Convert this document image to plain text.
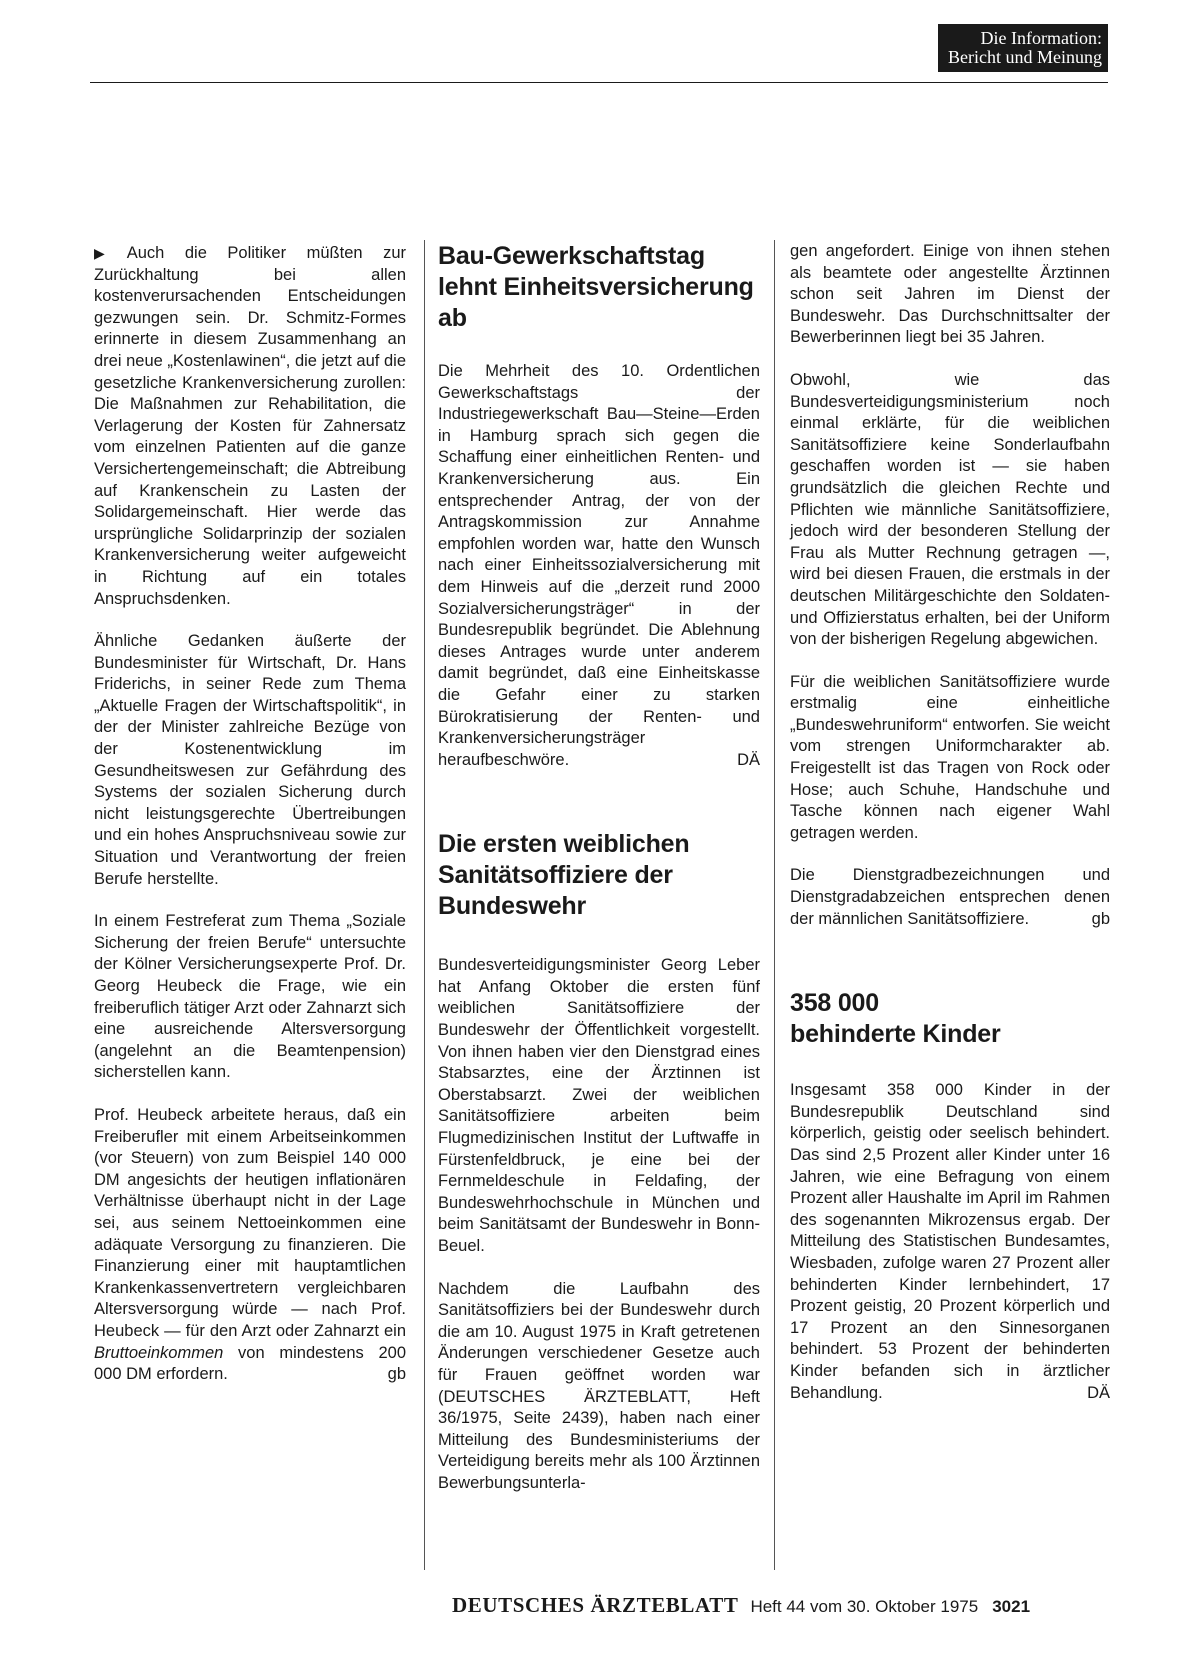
Die Information:
Bericht und Meinung

▶ Auch die Politiker müßten zur Zurückhaltung bei allen kostenverursachenden Entscheidungen gezwungen sein. Dr. Schmitz-Formes erinnerte in diesem Zusammenhang an drei neue „Kostenlawinen“, die jetzt auf die gesetzliche Krankenversicherung zurollen: Die Maßnahmen zur Rehabilitation, die Verlagerung der Kosten für Zahnersatz vom einzelnen Patienten auf die ganze Versichertengemeinschaft; die Abtreibung auf Krankenschein zu Lasten der Solidargemeinschaft. Hier werde das ursprüngliche Solidarprinzip der sozialen Krankenversicherung weiter aufgeweicht in Richtung auf ein totales Anspruchsdenken.

Ähnliche Gedanken äußerte der Bundesminister für Wirtschaft, Dr. Hans Friderichs, in seiner Rede zum Thema „Aktuelle Fragen der Wirtschaftspolitik“, in der der Minister zahlreiche Bezüge von der Kostenentwicklung im Gesundheitswesen zur Gefährdung des Systems der sozialen Sicherung durch nicht leistungsgerechte Übertreibungen und ein hohes Anspruchsniveau sowie zur Situation und Verantwortung der freien Berufe herstellte.

In einem Festreferat zum Thema „Soziale Sicherung der freien Berufe“ untersuchte der Kölner Versicherungsexperte Prof. Dr. Georg Heubeck die Frage, wie ein freiberuflich tätiger Arzt oder Zahnarzt sich eine ausreichende Altersversorgung (angelehnt an die Beamtenpension) sicherstellen kann.

Prof. Heubeck arbeitete heraus, daß ein Freiberufler mit einem Arbeitseinkommen (vor Steuern) von zum Beispiel 140 000 DM angesichts der heutigen inflationären Verhältnisse überhaupt nicht in der Lage sei, aus seinem Nettoeinkommen eine adäquate Versorgung zu finanzieren. Die Finanzierung einer mit hauptamtlichen Krankenkassenvertretern vergleichbaren Altersversorgung würde — nach Prof. Heubeck — für den Arzt oder Zahnarzt ein Bruttoeinkommen von mindestens 200 000 DM erfordern.	gb

Bau-Gewerkschaftstag lehnt Einheitsversicherung ab

Die Mehrheit des 10. Ordentlichen Gewerkschaftstags der Industriegewerkschaft Bau—Steine—Erden in Hamburg sprach sich gegen die Schaffung einer einheitlichen Renten- und Krankenversicherung aus. Ein entsprechender Antrag, der von der Antragskommission zur Annahme empfohlen worden war, hatte den Wunsch nach einer Einheitssozialversicherung mit dem Hinweis auf die „derzeit rund 2000 Sozialversicherungsträger“ in der Bundesrepublik begründet. Die Ablehnung dieses Antrages wurde unter anderem damit begründet, daß eine Einheitskasse die Gefahr einer zu starken Bürokratisierung der Renten- und Krankenversicherungsträger heraufbeschwöre.	DÄ

Die ersten weiblichen Sanitätsoffiziere der Bundeswehr

Bundesverteidigungsminister Georg Leber hat Anfang Oktober die ersten fünf weiblichen Sanitätsoffiziere der Bundeswehr der Öffentlichkeit vorgestellt. Von ihnen haben vier den Dienstgrad eines Stabsarztes, eine der Ärztinnen ist Oberstabsarzt. Zwei der weiblichen Sanitätsoffiziere arbeiten beim Flugmedizinischen Institut der Luftwaffe in Fürstenfeldbruck, je eine bei der Fernmeldeschule in Feldafing, der Bundeswehrhochschule in München und beim Sanitätsamt der Bundeswehr in Bonn-Beuel.

Nachdem die Laufbahn des Sanitätsoffiziers bei der Bundeswehr durch die am 10. August 1975 in Kraft getretenen Änderungen verschiedener Gesetze auch für Frauen geöffnet worden war (DEUTSCHES ÄRZTEBLATT, Heft 36/1975, Seite 2439), haben nach einer Mitteilung des Bundesministeriums der Verteidigung bereits mehr als 100 Ärztinnen Bewerbungsunterla-

gen angefordert. Einige von ihnen stehen als beamtete oder angestellte Ärztinnen schon seit Jahren im Dienst der Bundeswehr. Das Durchschnittsalter der Bewerberinnen liegt bei 35 Jahren.

Obwohl, wie das Bundesverteidigungsministerium noch einmal erklärte, für die weiblichen Sanitätsoffiziere keine Sonderlaufbahn geschaffen worden ist — sie haben grundsätzlich die gleichen Rechte und Pflichten wie männliche Sanitätsoffiziere, jedoch wird der besonderen Stellung der Frau als Mutter Rechnung getragen —, wird bei diesen Frauen, die erstmals in der deutschen Militärgeschichte den Soldaten- und Offizierstatus erhalten, bei der Uniform von der bisherigen Regelung abgewichen.

Für die weiblichen Sanitätsoffiziere wurde erstmalig eine einheitliche „Bundeswehruniform“ entworfen. Sie weicht vom strengen Uniformcharakter ab. Freigestellt ist das Tragen von Rock oder Hose; auch Schuhe, Handschuhe und Tasche können nach eigener Wahl getragen werden.

Die Dienstgradbezeichnungen und Dienstgradabzeichen entsprechen denen der männlichen Sanitätsoffiziere.	gb

358 000
behinderte Kinder

Insgesamt 358 000 Kinder in der Bundesrepublik Deutschland sind körperlich, geistig oder seelisch behindert. Das sind 2,5 Prozent aller Kinder unter 16 Jahren, wie eine Befragung von einem Prozent aller Haushalte im April im Rahmen des sogenannten Mikrozensus ergab. Der Mitteilung des Statistischen Bundesamtes, Wiesbaden, zufolge waren 27 Prozent aller behinderten Kinder lernbehindert, 17 Prozent geistig, 20 Prozent körperlich und 17 Prozent an den Sinnesorganen behindert. 53 Prozent der behinderten Kinder befanden sich in ärztlicher Behandlung.	DÄ

DEUTSCHES ÄRZTEBLATT Heft 44 vom 30. Oktober 1975 3021
